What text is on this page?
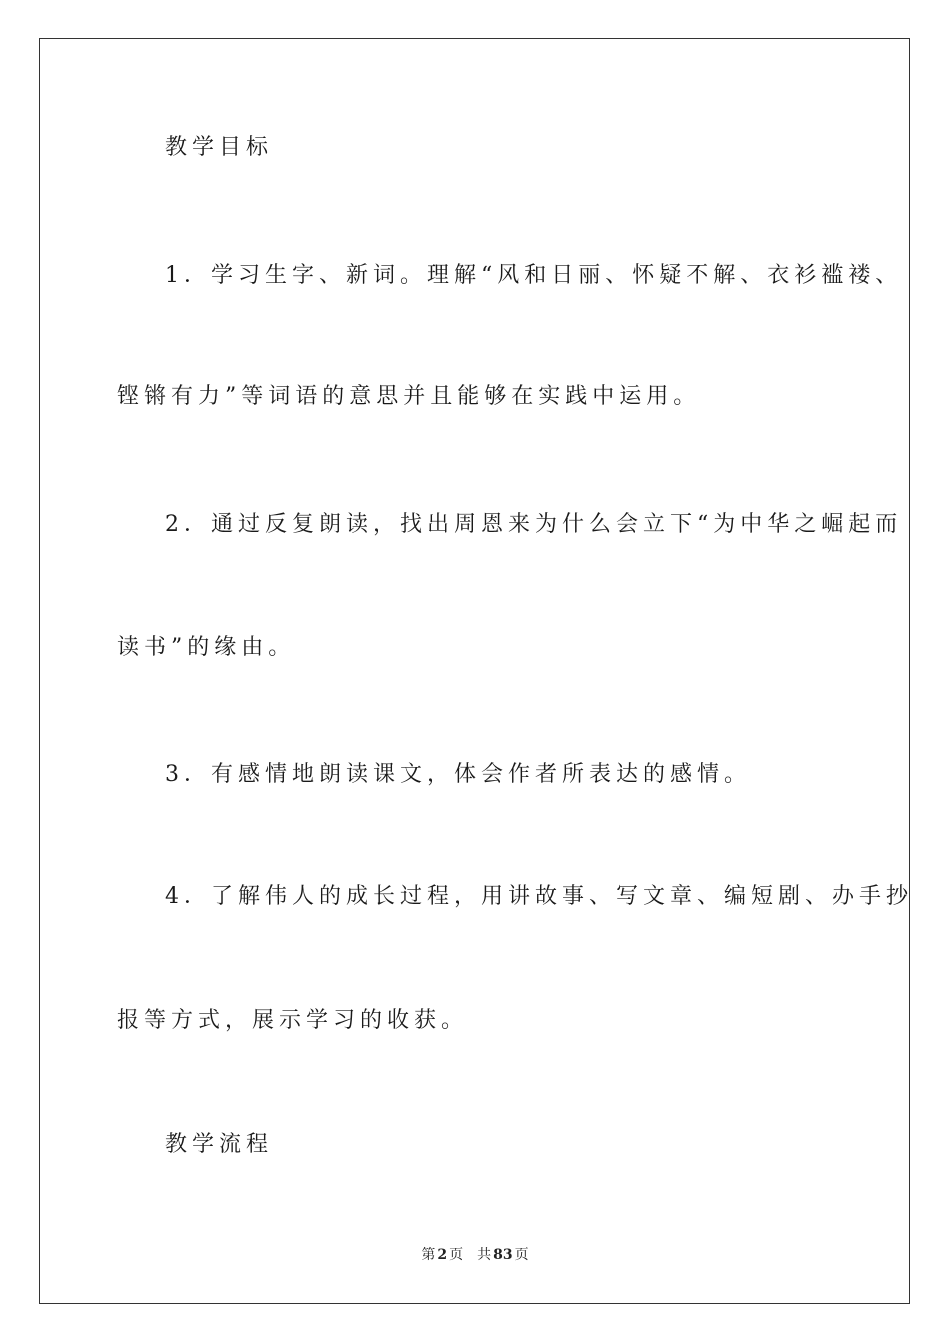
教学目标
1．学习生字、新词。理解“风和日丽、怀疑不解、衣衫褴褛、
铿锵有力”等词语的意思并且能够在实践中运用。
2．通过反复朗读，找出周恩来为什么会立下“为中华之崛起而
读书”的缘由。
3．有感情地朗读课文，体会作者所表达的感情。
4．了解伟人的成长过程，用讲故事、写文章、编短剧、办手抄
报等方式，展示学习的收获。
教学流程
第 2 页 共 83 页
